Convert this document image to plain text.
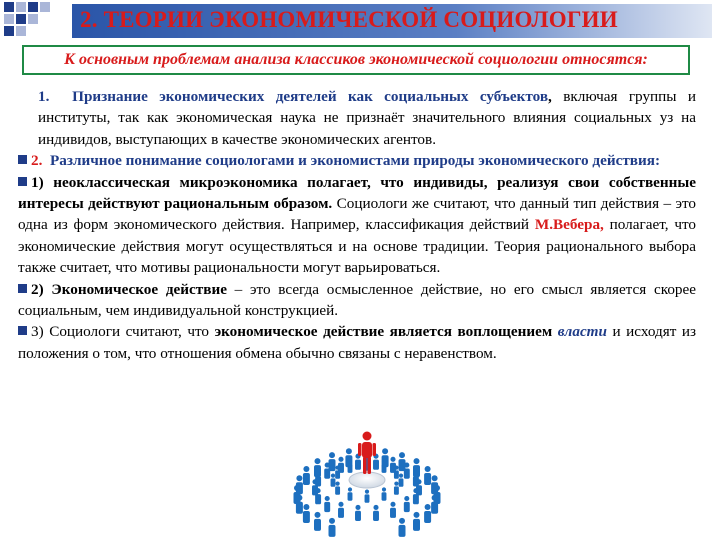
2. ТЕОРИИ ЭКОНОМИЧЕСКОЙ СОЦИОЛОГИИ
К основным проблемам анализа классиков экономической социологии относятся:

1. Признание экономических деятелей как социальных субъектов, включая группы и институты, так как экономическая наука не признаёт значительного влияния социальных уз на индивидов, выступающих в качестве экономических агентов.

2. Различное понимание социологами и экономистами природы экономического действия:

1) неоклассическая микроэкономика полагает, что индивиды, реализуя свои собственные интересы действуют рациональным образом. Социологи же считают, что данный тип действия – это одна из форм экономического действия. Например, классификация действий М.Вебера, полагает, что экономические действия могут осуществляться и на основе традиции. Теория рационального выбора также считает, что мотивы рациональности могут варьироваться.

2) Экономическое действие – это всегда осмысленное действие, но его смысл является скорее социальным, чем индивидуальной конструкцией.

3) Социологи считают, что экономическое действие является воплощением власти и исходят из положения о том, что отношения обмена обычно связаны с неравенством.
